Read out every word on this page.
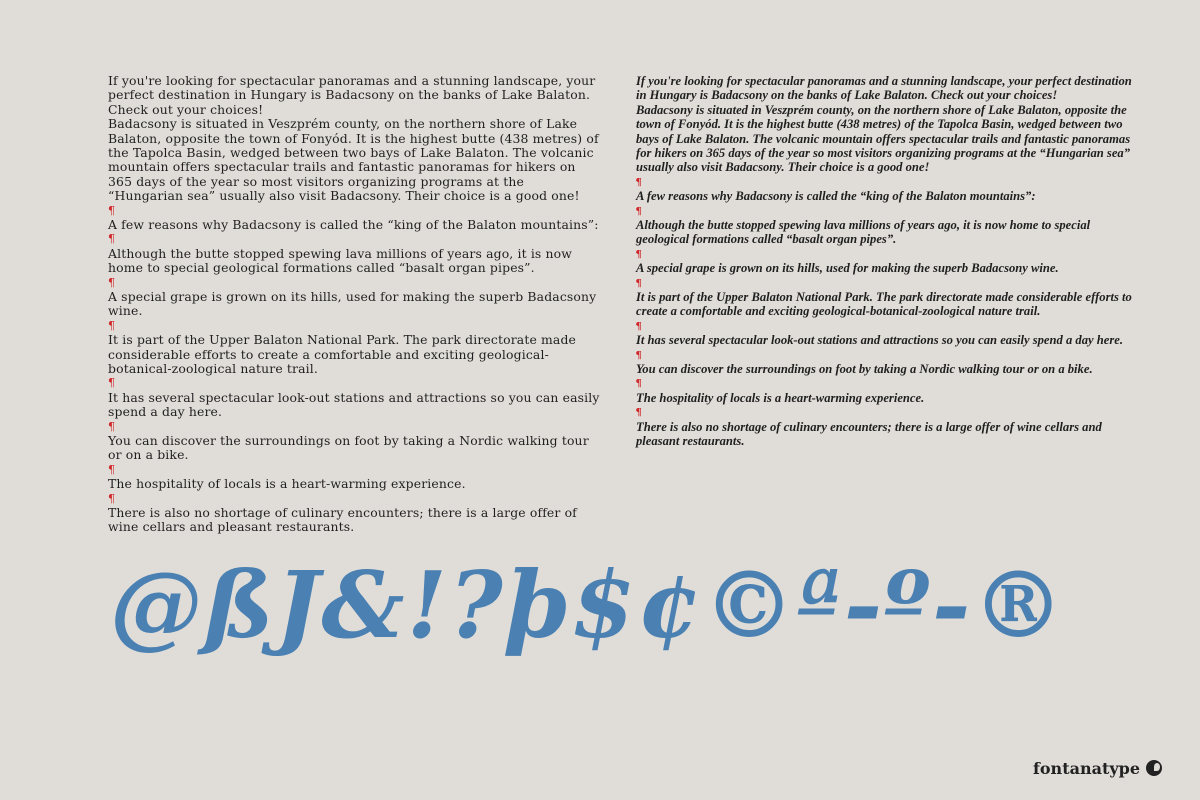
If you're looking for spectacular panoramas and a stunning landscape, your perfect destination in Hungary is Badacsony on the banks of Lake Balaton. Check out your choices!

Badacsony is situated in Veszprém county, on the northern shore of Lake Balaton, opposite the town of Fonyód. It is the highest butte (438 metres) of the Tapolca Basin, wedged between two bays of Lake Balaton. The volcanic mountain offers spectacular trails and fantastic panoramas for hikers on 365 days of the year so most visitors organizing programs at the “Hungarian sea” usually also visit Badacsony. Their choice is a good one!

¶

A few reasons why Badacsony is called the “king of the Balaton mountains”:

¶

Although the butte stopped spewing lava millions of years ago, it is now home to special geological formations called “basalt organ pipes”.

¶

A special grape is grown on its hills, used for making the superb Badacsony wine.

¶

It is part of the Upper Balaton National Park. The park directorate made considerable efforts to create a comfortable and exciting geological-botanical-zoological nature trail.

¶

It has several spectacular look-out stations and attractions so you can easily spend a day here.

¶

You can discover the surroundings on foot by taking a Nordic walking tour or on a bike.

¶

The hospitality of locals is a heart-warming experience.

¶

There is also no shortage of culinary encounters; there is a large offer of wine cellars and pleasant restaurants.

If you're looking for spectacular panoramas and a stunning landscape, your perfect destination in Hungary is Badacsony on the banks of Lake Balaton. Check out your choices!

Badacsony is situated in Veszprém county, on the northern shore of Lake Balaton, opposite the town of Fonyód. It is the highest butte (438 metres) of the Tapolca Basin, wedged between two bays of Lake Balaton. The volcanic mountain offers spectacular trails and fantastic panoramas for hikers on 365 days of the year so most visitors organizing programs at the “Hungarian sea” usually also visit Badacsony. Their choice is a good one!

¶

A few reasons why Badacsony is called the “king of the Balaton mountains”:

¶

Although the butte stopped spewing lava millions of years ago, it is now home to special geological formations called “basalt organ pipes”.

¶

A special grape is grown on its hills, used for making the superb Badacsony wine.

¶

It is part of the Upper Balaton National Park. The park directorate made considerable efforts to create a comfortable and exciting geological-botanical-zoological nature trail.

¶

It has several spectacular look-out stations and attractions so you can easily spend a day here.

¶

You can discover the surroundings on foot by taking a Nordic walking tour or on a bike.

¶

The hospitality of locals is a heart-warming experience.

¶

There is also no shortage of culinary encounters; there is a large offer of wine cellars and pleasant restaurants.

@ßЈ&!?þ$¢©ª-º-®
fontanatype
